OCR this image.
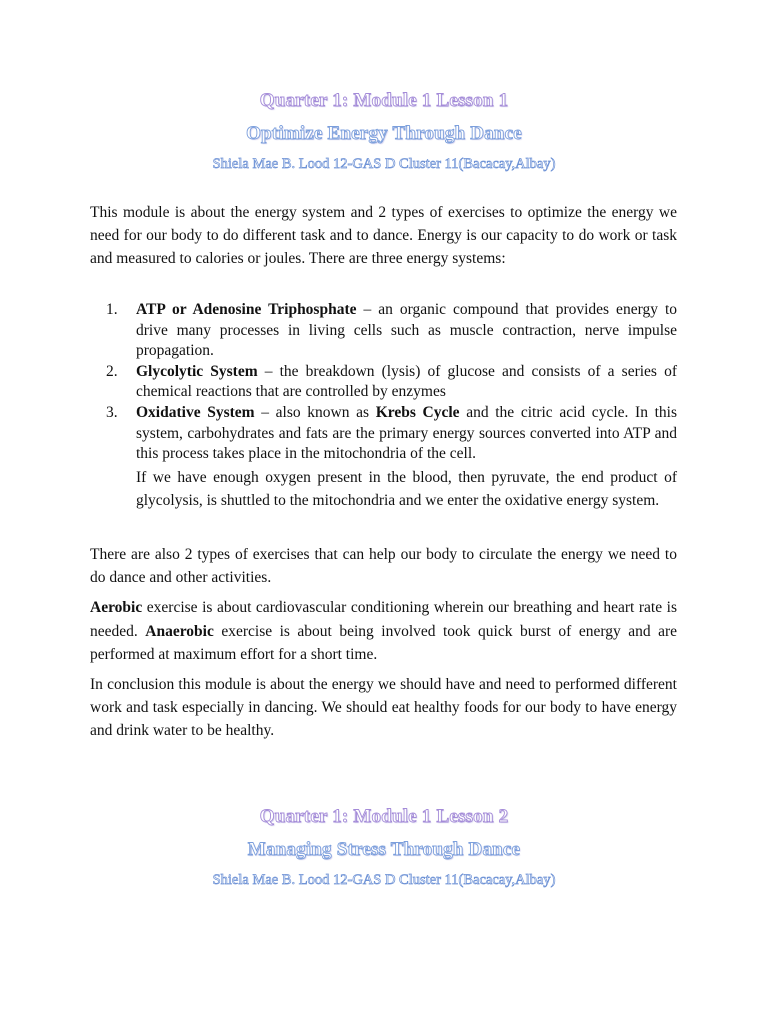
Quarter 1: Module 1 Lesson 1
Optimize Energy Through Dance
Shiela Mae B. Lood 12-GAS D Cluster 11(Bacacay,Albay)

This module is about the energy system and 2 types of exercises to optimize the energy we need for our body to do different task and to dance. Energy is our capacity to do work or task and measured to calories or joules. There are three energy systems:

1. ATP or Adenosine Triphosphate – an organic compound that provides energy to drive many processes in living cells such as muscle contraction, nerve impulse propagation.
2. Glycolytic System – the breakdown (lysis) of glucose and consists of a series of chemical reactions that are controlled by enzymes
3. Oxidative System – also known as Krebs Cycle and the citric acid cycle. In this system, carbohydrates and fats are the primary energy sources converted into ATP and this process takes place in the mitochondria of the cell.
If we have enough oxygen present in the blood, then pyruvate, the end product of glycolysis, is shuttled to the mitochondria and we enter the oxidative energy system.

There are also 2 types of exercises that can help our body to circulate the energy we need to do dance and other activities.

Aerobic exercise is about cardiovascular conditioning wherein our breathing and heart rate is needed. Anaerobic exercise is about being involved took quick burst of energy and are performed at maximum effort for a short time.

In conclusion this module is about the energy we should have and need to performed different work and task especially in dancing. We should eat healthy foods for our body to have energy and drink water to be healthy.

Quarter 1: Module 1 Lesson 2
Managing Stress Through Dance
Shiela Mae B. Lood 12-GAS D Cluster 11(Bacacay,Albay)
